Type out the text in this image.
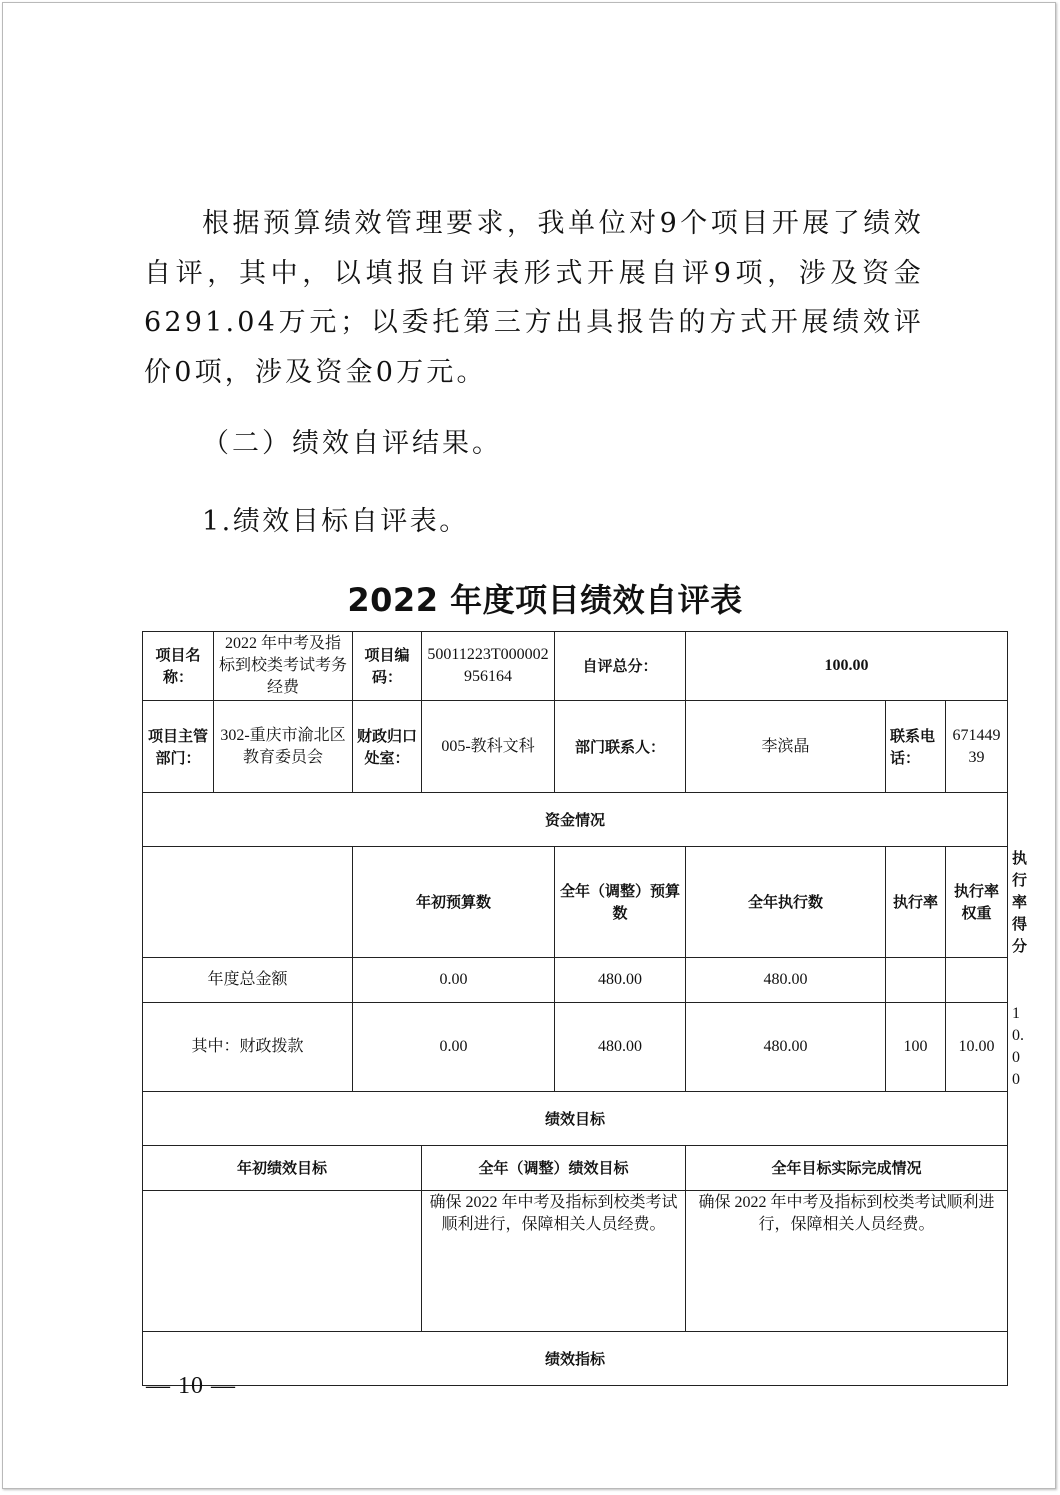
根据预算绩效管理要求，我单位对9个项目开展了绩效自评，其中，以填报自评表形式开展自评9项，涉及资金6291.04万元；以委托第三方出具报告的方式开展绩效评价0项，涉及资金0万元。

（二）绩效自评结果。

1.绩效目标自评表。

2022 年度项目绩效自评表

项目名称：	2022 年中考及指标到校类考试考务经费	项目编码：	50011223T000002956164	自评总分：	100.00			
项目主管部门：	302-重庆市渝北区教育委员会	财政归口处室：	005-教科文科	部门联系人：	李滨晶	联系电话：	67144939	
资金情况								
		年初预算数		全年（调整）预算数	全年执行数	执行率	执行率权重	执行率得分
年度总金额		0.00		480.00	480.00			
其中：财政拨款		0.00		480.00	480.00	100	10.00	10.00
绩效目标								
年初绩效目标			全年（调整）绩效目标		全年目标实际完成情况			
			确保 2022 年中考及指标到校类考试顺利进行，保障相关人员经费。		确保 2022 年中考及指标到校类考试顺利进行，保障相关人员经费。			
绩效指标								

— 10 —
